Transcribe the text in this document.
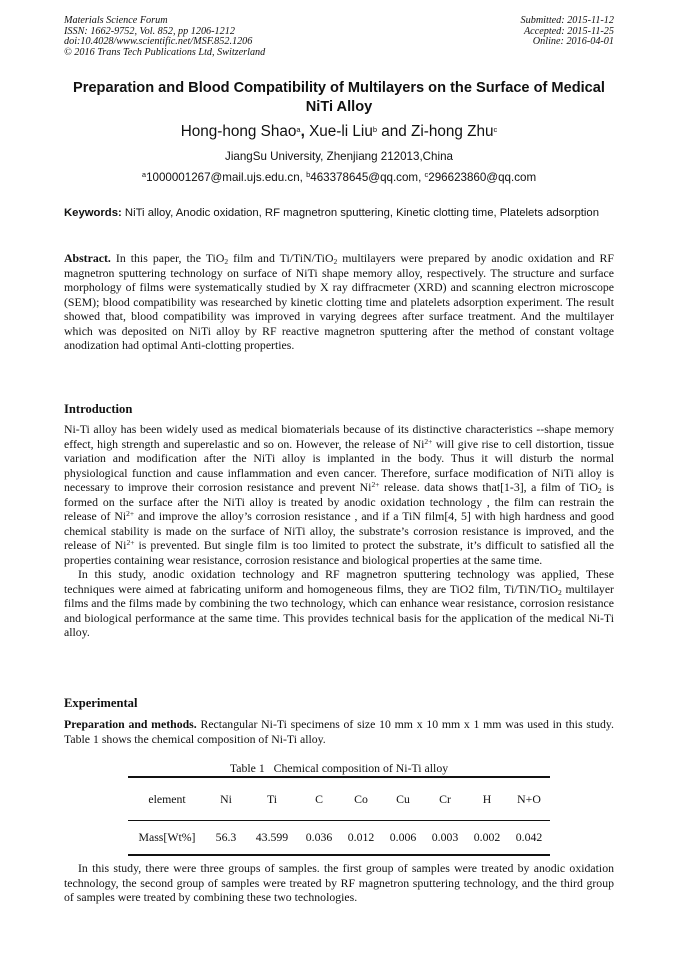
Materials Science Forum
ISSN: 1662-9752, Vol. 852, pp 1206-1212
doi:10.4028/www.scientific.net/MSF.852.1206
© 2016 Trans Tech Publications Ltd, Switzerland
Submitted: 2015-11-12
Accepted: 2015-11-25
Online: 2016-04-01
Preparation and Blood Compatibility of Multilayers on the Surface of Medical NiTi Alloy
Hong-hong Shao$^a$, Xue-li Liu$^b$ and Zi-hong Zhu$^c$
JiangSu University, Zhenjiang 212013,China
$^a$1000001267@mail.ujs.edu.cn, $^b$463378645@qq.com, $^c$296623860@qq.com
Keywords: NiTi alloy, Anodic oxidation, RF magnetron sputtering, Kinetic clotting time, Platelets adsorption
Abstract. In this paper, the TiO$_2$ film and Ti/TiN/TiO$_2$ multilayers were prepared by anodic oxidation and RF magnetron sputtering technology on surface of NiTi shape memory alloy, respectively. The structure and surface morphology of films were systematically studied by X ray diffracmeter (XRD) and scanning electron microscope (SEM); blood compatibility was researched by kinetic clotting time and platelets adsorption experiment. The result showed that, blood compatibility was improved in varying degrees after surface treatment. And the multilayer which was deposited on NiTi alloy by RF reactive magnetron sputtering after the method of constant voltage anodization had optimal Anti-clotting properties.
Introduction

Ni-Ti alloy has been widely used as medical biomaterials because of its distinctive characteristics --shape memory effect, high strength and superelastic and so on. However, the release of $Ni^{2+}$ will give rise to cell distortion, tissue variation and modification after the NiTi alloy is implanted in the body. Thus it will disturb the normal physiological function and cause inflammation and even cancer. Therefore, surface modification of NiTi alloy is necessary to improve their corrosion resistance and prevent $Ni^{2+}$ release. data shows that[1-3], a film of TiO$_2$ is formed on the surface after the NiTi alloy is treated by anodic oxidation technology , the film can restrain the release of $Ni^{2+}$ and improve the alloy’s corrosion resistance , and if a TiN film[4, 5] with high hardness and good chemical stability is made on the surface of NiTi alloy, the substrate’s corrosion resistance is improved, and the release of $Ni^{2+}$ is prevented. But single film is too limited to protect the substrate, it’s difficult to satisfied all the properties containing wear resistance, corrosion resistance and biological properties at the same time.

In this study, anodic oxidation technology and RF magnetron sputtering technology was applied, These techniques were aimed at fabricating uniform and homogeneous films, they are TiO2 film, Ti/TiN/TiO$_2$ multilayer films and the films made by combining the two technology, which can enhance wear resistance, corrosion resistance and biological performance at the same time. This provides technical basis for the application of the medical Ni-Ti alloy.

Experimental

Preparation and methods. Rectangular Ni-Ti specimens of size 10 mm x 10 mm x 1 mm was used in this study. Table 1 shows the chemical composition of Ni-Ti alloy.

Table 1   Chemical composition of Ni-Ti alloy
element	Ni	Ti	C	Co	Cu	Cr	H	N+O
Mass[Wt%]	56.3	43.599	0.036	0.012	0.006	0.003	0.002	0.042
In this study, there were three groups of samples. the first group of samples were treated by anodic oxidation technology, the second group of samples were treated by RF magnetron sputtering technology, and the third group of samples were treated by combining these two technologies.
